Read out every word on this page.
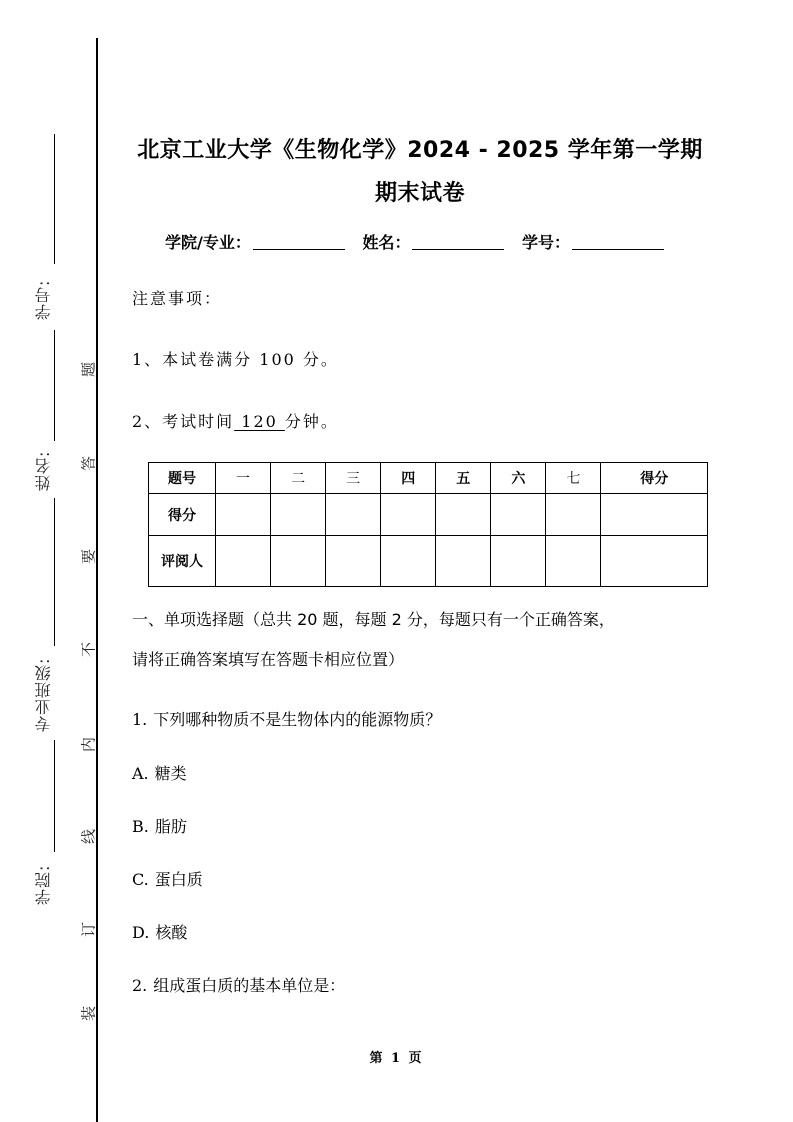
学号:
姓名:
专业班级:
学院:
题
答
要
不
内
线
订
装
北京工业大学《生物化学》2024 - 2025 学年第一学期
期末试卷
学院/专业：	姓名：	学号：
注意事项：
1、本试卷满分 100 分。
2、考试时间 120 分钟。
题号	一	二	三	四	五	六	七	得分
得分								
评阅人								
一、单项选择题（总共 20 题，每题 2 分，每题只有一个正确答案，
请将正确答案填写在答题卡相应位置）
1. 下列哪种物质不是生物体内的能源物质？
A. 糖类
B. 脂肪
C. 蛋白质
D. 核酸
2. 组成蛋白质的基本单位是：
第 1 页
